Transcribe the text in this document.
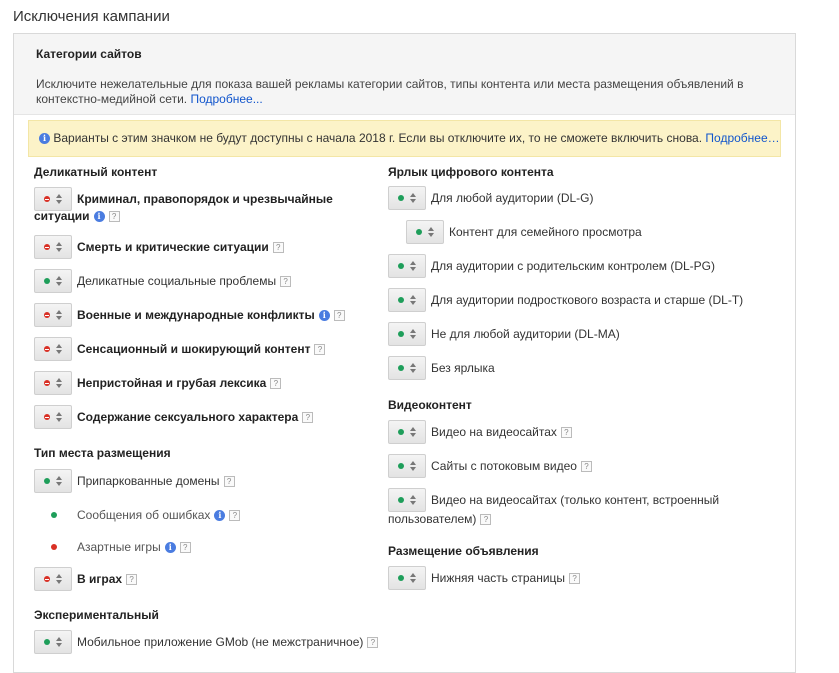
Исключения кампании
Категории сайтов
Исключите нежелательные для показа вашей рекламы категории сайтов, типы контента или места размещения объявлений в контекстно-медийной сети. Подробнее...
i Варианты с этим значком не будут доступны с начала 2018 г. Если вы отключите их, то не сможете включить снова. Подробнее…
Деликатный контент
Криминал, правопорядок и чрезвычайные
ситуации i	?
Смерть и критические ситуации ?
Деликатные социальные проблемы ?
Военные и международные конфликты i	?
Сенсационный и шокирующий контент ?
Непристойная и грубая лексика ?
Содержание сексуального характера ?
Тип места размещения
Припаркованные домены ?
Сообщения об ошибках i	?
Азартные игры i	?
В играх ?
Экспериментальный
Мобильное приложение GMob (не межстраничное) ?
Ярлык цифрового контента
Для любой аудитории (DL-G)
Контент для семейного просмотра
Для аудитории с родительским контролем (DL-PG)
Для аудитории подросткового возраста и старше (DL-T)
Не для любой аудитории (DL-MA)
Без ярлыка
Видеоконтент
Видео на видеосайтах ?
Сайты с потоковым видео ?
Видео на видеосайтах (только контент, встроенный
пользователем) ?
Размещение объявления
Нижняя часть страницы ?
